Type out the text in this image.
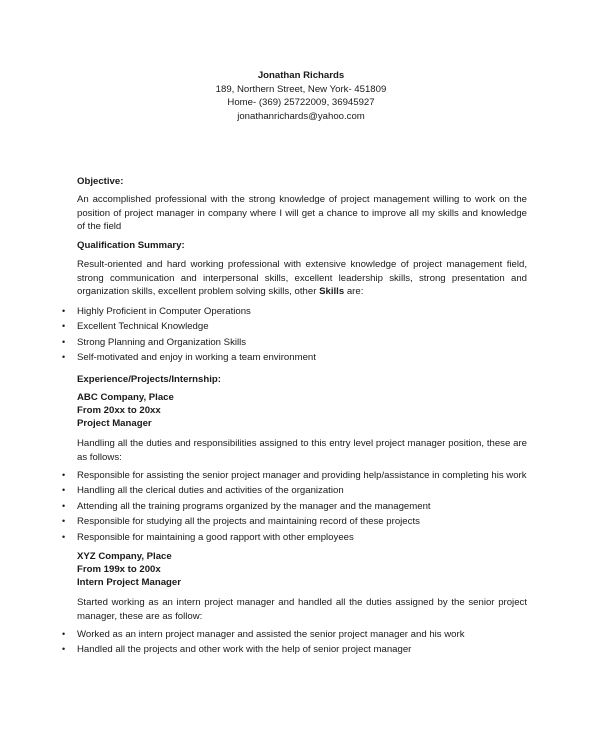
Jonathan Richards
189, Northern Street, New York- 451809
Home- (369) 25722009, 36945927
jonathanrichards@yahoo.com
Objective:
An accomplished professional with the strong knowledge of project management willing to work on the position of project manager in company where I will get a chance to improve all my skills and knowledge of the field
Qualification Summary:
Result-oriented and hard working professional with extensive knowledge of project management field, strong communication and interpersonal skills, excellent leadership skills, strong presentation and organization skills, excellent problem solving skills, other Skills are:
• Highly Proficient in Computer Operations
• Excellent Technical Knowledge
• Strong Planning and Organization Skills
• Self-motivated and enjoy in working a team environment
Experience/Projects/Internship:
ABC Company, Place
From 20xx to 20xx
Project Manager
Handling all the duties and responsibilities assigned to this entry level project manager position, these are as follows:
• Responsible for assisting the senior project manager and providing help/assistance in completing his work
• Handling all the clerical duties and activities of the organization
• Attending all the training programs organized by the manager and the management
• Responsible for studying all the projects and maintaining record of these projects
• Responsible for maintaining a good rapport with other employees
XYZ Company, Place
From 199x to 200x
Intern Project Manager
Started working as an intern project manager and handled all the duties assigned by the senior project manager, these are as follow:
• Worked as an intern project manager and assisted the senior project manager and his work
• Handled all the projects and other work with the help of senior project manager
